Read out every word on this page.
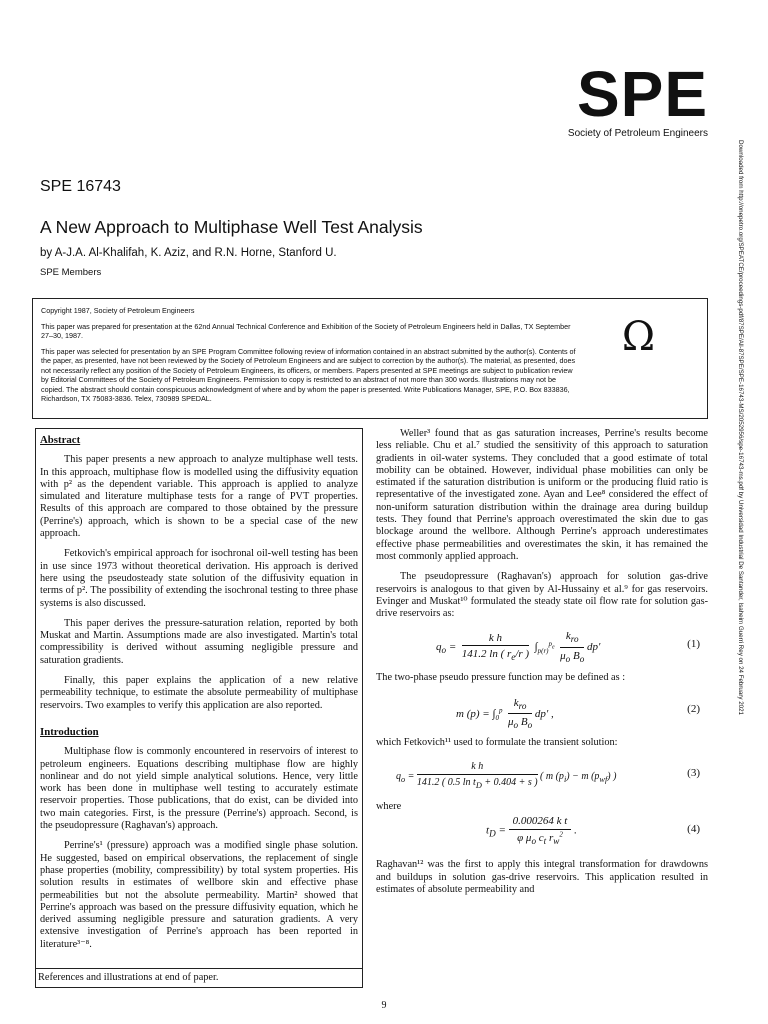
SPE
Society of Petroleum Engineers
Downloaded from http://onepetro.org/SPEATCE/proceedings-pdf/87SPE/All-87SPE/SPE-16743-MS/2052956/spe-16743-ms.pdf by Universidad Industrial De Santander, Isaheim Guerri Rey on 24 February 2021
SPE 16743
A New Approach to Multiphase Well Test Analysis
by A-J.A. Al-Khalifah, K. Aziz, and R.N. Horne, Stanford U.
SPE Members

Copyright 1987, Society of Petroleum Engineers

This paper was prepared for presentation at the 62nd Annual Technical Conference and Exhibition of the Society of Petroleum Engineers held in Dallas, TX September 27–30, 1987.

This paper was selected for presentation by an SPE Program Committee following review of information contained in an abstract submitted by the author(s). Contents of the paper, as presented, have not been reviewed by the Society of Petroleum Engineers and are subject to correction by the author(s). The material, as presented, does not necessarily reflect any position of the Society of Petroleum Engineers, its officers, or members. Papers presented at SPE meetings are subject to publication review by Editorial Committees of the Society of Petroleum Engineers. Permission to copy is restricted to an abstract of not more than 300 words. Illustrations may not be copied. The abstract should contain conspicuous acknowledgment of where and by whom the paper is presented. Write Publications Manager, SPE, P.O. Box 833836, Richardson, TX 75083-3836. Telex, 730989 SPEDAL.

Ω
Abstract

This paper presents a new approach to analyze multiphase well tests. In this approach, multiphase flow is modelled using the diffusivity equation with p² as the dependent variable. This approach is applied to analyze simulated and literature multiphase tests for a range of PVT properties. Results of this approach are compared to those obtained by the pressure (Perrine's) approach, which is shown to be a special case of the new approach.

Fetkovich's empirical approach for isochronal oil-well testing has been in use since 1973 without theoretical derivation. His approach is derived here using the pseudosteady state solution of the diffusivity equation in terms of p². The possibility of extending the isochronal testing to three phase systems is also discussed.

This paper derives the pressure-saturation relation, reported by both Muskat and Martin. Assumptions made are also investigated. Martin's total compressibility is derived without assuming negligible pressure and saturation gradients.

Finally, this paper explains the application of a new relative permeability technique, to estimate the absolute permeability of multiphase reservoirs. Two examples to verify this application are also reported.

Introduction

Multiphase flow is commonly encountered in reservoirs of interest to petroleum engineers. Equations describing multiphase flow are highly nonlinear and do not yield simple analytical solutions. Hence, very little work has been done in multiphase well testing to accurately estimate reservoir properties. Those publications, that do exist, can be divided into two main categories. First, is the pressure (Perrine's) approach. Second, is the pseudopressure (Raghavan's) approach.

Perrine's¹ (pressure) approach was a modified single phase solution. He suggested, based on empirical observations, the replacement of single phase properties (mobility, compressibility) by total system properties. His solution results in estimates of wellbore skin and effective phase permeabilities but not the absolute permeability. Martin² showed that Perrine's approach was based on the pressure diffusivity equation, which he derived assuming negligible pressure and saturation gradients. A very extensive investigation of Perrine's approach has been reported in literature³⁻⁸.

References and illustrations at end of paper.

Weller³ found that as gas saturation increases, Perrine's results become less reliable. Chu et al.⁷ studied the sensitivity of this approach to saturation gradients in oil-water systems. They concluded that a good estimate of total mobility can be obtained. However, individual phase mobilities can only be estimated if the saturation distribution is uniform or the producing fluid ratio is representative of the investigated zone. Ayan and Lee⁸ considered the effect of non-uniform saturation distribution within the drainage area during buildup tests. They found that Perrine's approach overestimated the skin due to gas blockage around the wellbore. Although Perrine's approach underestimates effective phase permeabilities and overestimates the skin, it has remained the most commonly applied approach.

The pseudopressure (Raghavan's) approach for solution gas-drive reservoirs is analogous to that given by Al-Hussainy et al.⁹ for gas reservoirs. Evinger and Muskat¹⁰ formulated the steady state oil flow rate for solution gas-drive reservoirs as:

$q_o = \frac{\text{k h}}{141.2 \ln ( r_e/r )} \int_{p(r)}^{p_e} \frac{k_{ro}}{\mu_o B_o} dp'$	(1)

The two-phase pseudo pressure function may be defined as :

m $(p) = \int_0^p \frac{k_{ro}}{\mu_o B_o} dp'$ ,	(2)

which Fetkovich¹¹ used to formulate the transient solution:

$q_o = \frac{\text{k h}}{141.2 ( 0.5 \ln t_D + 0.404 + s )}$ ( m $(p_i) - m$ $(p_{wf})$ )	(3)

where

$t_D = \frac{\text{0.000264 k t}}{\varphi \mu_o c_t r_w^2}$ .	(4)

Raghavan¹² was the first to apply this integral transformation for drawdowns and buildups in solution gas-drive reservoirs. This application resulted in estimates of absolute permeability and

9
